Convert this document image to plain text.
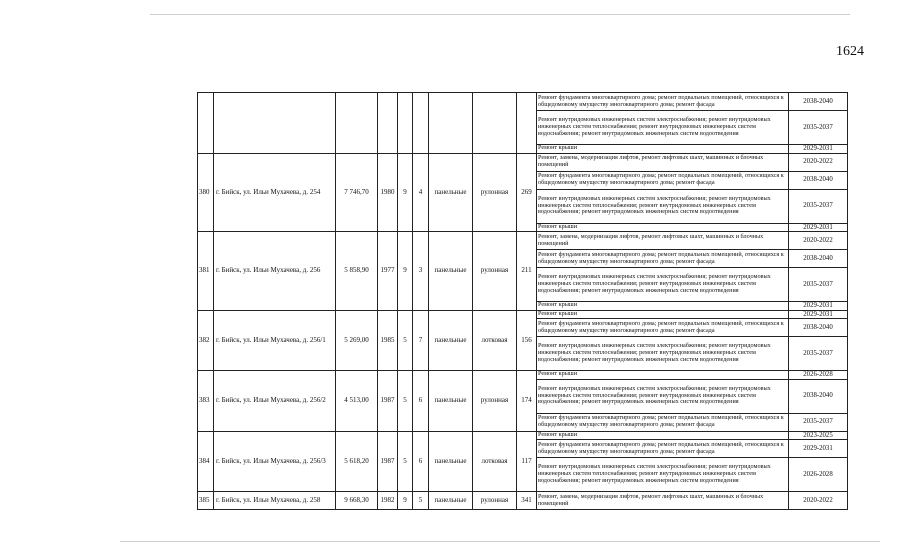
1624
									Ремонт фундамента многоквартирного дома; ремонт подвальных помещений, относящихся к общедомовому имуществу многоквартирного дома; ремонт фасада	2038-2040
									Ремонт внутридомовых инженерных систем электроснабжения; ремонт внутридомовых инженерных систем теплоснабжения; ремонт внутридомовых инженерных систем водоснабжения; ремонт внутридомовых инженерных систем водоотведения	2035-2037
									Ремонт крыши	2029-2031
380	г. Бийск, ул. Ильи Мухачева, д. 254	7 746,70	1980	9	4	панельные	рулонная	269	Ремонт, замена, модернизация лифтов, ремонт лифтовых шахт, машинных и блочных помещений	2020-2022
									Ремонт фундамента многоквартирного дома; ремонт подвальных помещений, относящихся к общедомовому имуществу многоквартирного дома; ремонт фасада	2038-2040
									Ремонт внутридомовых инженерных систем электроснабжения; ремонт внутридомовых инженерных систем теплоснабжения; ремонт внутридомовых инженерных систем водоснабжения; ремонт внутридомовых инженерных систем водоотведения	2035-2037
									Ремонт крыши	2029-2031
381	г. Бийск, ул. Ильи Мухачева, д. 256	5 858,90	1977	9	3	панельные	рулонная	211	Ремонт, замена, модернизация лифтов, ремонт лифтовых шахт, машинных и блочных помещений	2020-2022
									Ремонт фундамента многоквартирного дома; ремонт подвальных помещений, относящихся к общедомовому имуществу многоквартирного дома; ремонт фасада	2038-2040
									Ремонт внутридомовых инженерных систем электроснабжения; ремонт внутридомовых инженерных систем теплоснабжения; ремонт внутридомовых инженерных систем водоснабжения; ремонт внутридомовых инженерных систем водоотведения	2035-2037
									Ремонт крыши	2029-2031
382	г. Бийск, ул. Ильи Мухачева, д. 256/1	5 269,00	1985	5	7	панельные	лотковая	156	Ремонт крыши	2029-2031
									Ремонт фундамента многоквартирного дома; ремонт подвальных помещений, относящихся к общедомовому имуществу многоквартирного дома; ремонт фасада	2038-2040
									Ремонт внутридомовых инженерных систем электроснабжения; ремонт внутридомовых инженерных систем теплоснабжения; ремонт внутридомовых инженерных систем водоснабжения; ремонт внутридомовых инженерных систем водоотведения	2035-2037
383	г. Бийск, ул. Ильи Мухачева, д. 256/2	4 513,00	1987	5	6	панельные	рулонная	174	Ремонт крыши	2026-2028
									Ремонт внутридомовых инженерных систем электроснабжения; ремонт внутридомовых инженерных систем теплоснабжения; ремонт внутридомовых инженерных систем водоснабжения; ремонт внутридомовых инженерных систем водоотведения	2038-2040
									Ремонт фундамента многоквартирного дома; ремонт подвальных помещений, относящихся к общедомовому имуществу многоквартирного дома; ремонт фасада	2035-2037
384	г. Бийск, ул. Ильи Мухачева, д. 256/3	5 618,20	1987	5	6	панельные	лотковая	117	Ремонт крыши	2023-2025
									Ремонт фундамента многоквартирного дома; ремонт подвальных помещений, относящихся к общедомовому имуществу многоквартирного дома; ремонт фасада	2029-2031
									Ремонт внутридомовых инженерных систем электроснабжения; ремонт внутридомовых инженерных систем теплоснабжения; ремонт внутридомовых инженерных систем водоснабжения; ремонт внутридомовых инженерных систем водоотведения	2026-2028
385	г. Бийск, ул. Ильи Мухачева, д. 258	9 668,30	1982	9	5	панельные	рулонная	341	Ремонт, замена, модернизация лифтов, ремонт лифтовых шахт, машинных и блочных помещений	2020-2022
